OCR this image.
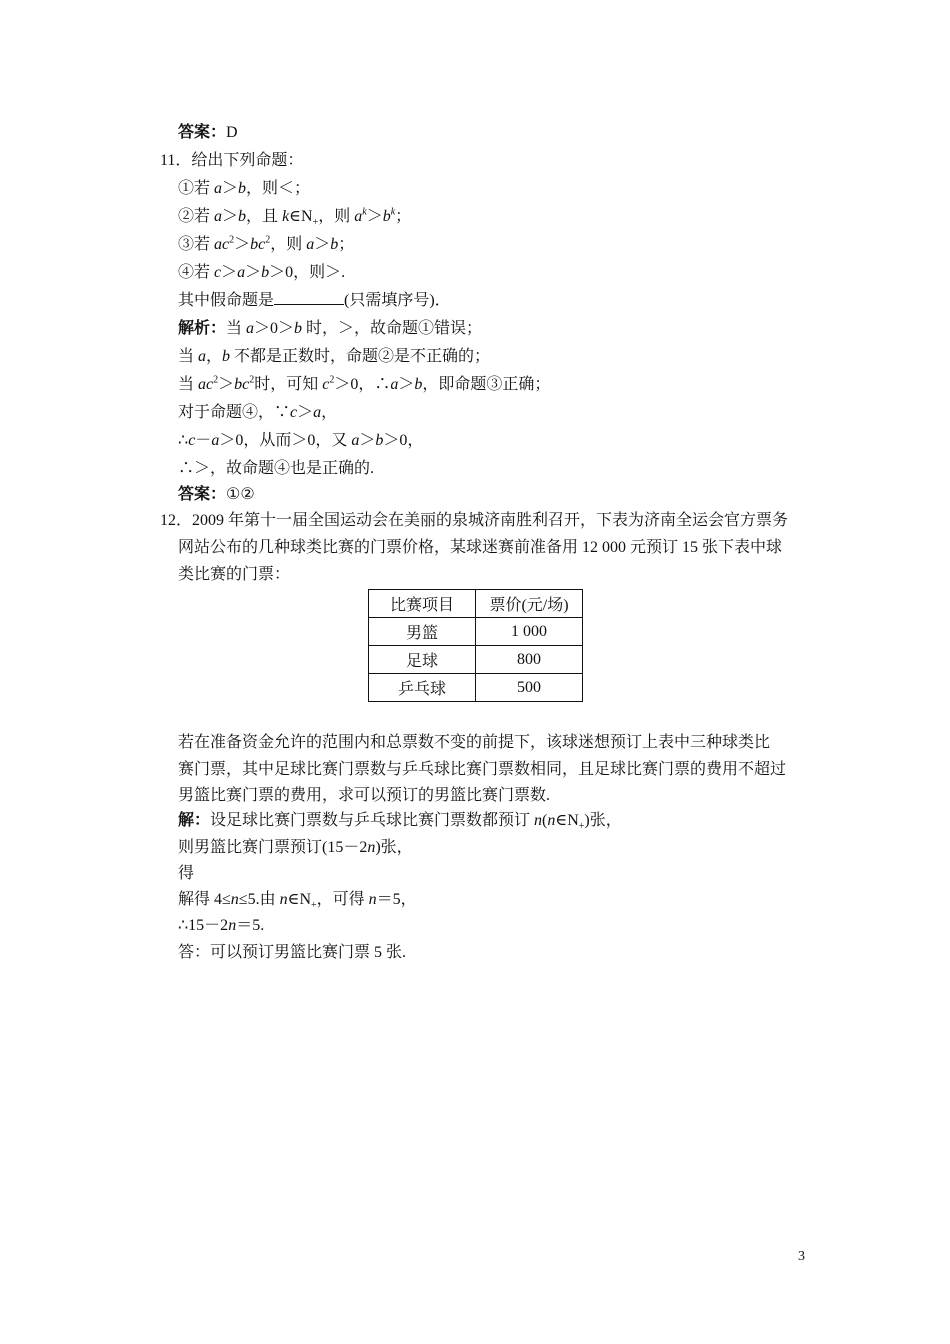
答案：D
11．给出下列命题：
①若 a＞b，则＜；
②若 a＞b，且 $k\in N_+$，则 $a^k>b^k$；
③若 $ac^2>bc^2$，则 a＞b；
④若 c＞a＞b＞0，则＞.
其中假命题是	(只需填序号)．
解析：当 a＞0＞b 时，＞，故命题①错误；
当 a，b 不都是正数时，命题②是不正确的；
当 $ac^2>bc^2$时，可知 $c^2>0$，∴a＞b，即命题③正确；
对于命题④，∵c＞a，
∴c－a＞0，从而＞0，又 a＞b＞0，
∴＞，故命题④也是正确的.
答案：①②
12．2009 年第十一届全国运动会在美丽的泉城济南胜利召开，下表为济南全运会官方票务
网站公布的几种球类比赛的门票价格，某球迷赛前准备用 12 000 元预订 15 张下表中球
类比赛的门票：
比赛项目	票价(元/场)
男篮	1 000
足球	800
乒乓球	500
若在准备资金允许的范围内和总票数不变的前提下，该球迷想预订上表中三种球类比
赛门票，其中足球比赛门票数与乒乓球比赛门票数相同，且足球比赛门票的费用不超过
男篮比赛门票的费用，求可以预订的男篮比赛门票数.
解：设足球比赛门票数与乒乓球比赛门票数都预订 $n(n\in N_+)$张，
则男篮比赛门票预订(15－2n)张，
得
解得 4≤n≤5.由 $n\in N_+$，可得 n＝5，
∴15－2n＝5.
答：可以预订男篮比赛门票 5 张.
3
